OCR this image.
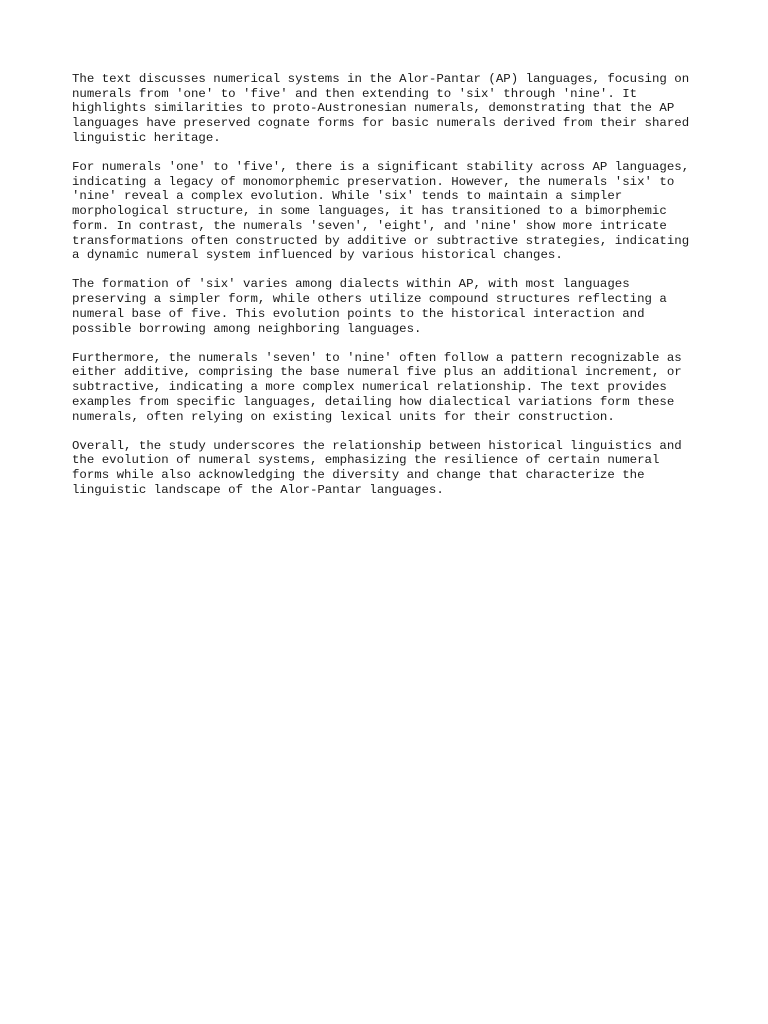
The text discusses numerical systems in the Alor-Pantar (AP) languages, focusing on
numerals from 'one' to 'five' and then extending to 'six' through 'nine'. It
highlights similarities to proto-Austronesian numerals, demonstrating that the AP
languages have preserved cognate forms for basic numerals derived from their shared
linguistic heritage.

For numerals 'one' to 'five', there is a significant stability across AP languages,
indicating a legacy of monomorphemic preservation. However, the numerals 'six' to
'nine' reveal a complex evolution. While 'six' tends to maintain a simpler
morphological structure, in some languages, it has transitioned to a bimorphemic
form. In contrast, the numerals 'seven', 'eight', and 'nine' show more intricate
transformations often constructed by additive or subtractive strategies, indicating
a dynamic numeral system influenced by various historical changes.

The formation of 'six' varies among dialects within AP, with most languages
preserving a simpler form, while others utilize compound structures reflecting a
numeral base of five. This evolution points to the historical interaction and
possible borrowing among neighboring languages.

Furthermore, the numerals 'seven' to 'nine' often follow a pattern recognizable as
either additive, comprising the base numeral five plus an additional increment, or
subtractive, indicating a more complex numerical relationship. The text provides
examples from specific languages, detailing how dialectical variations form these
numerals, often relying on existing lexical units for their construction.

Overall, the study underscores the relationship between historical linguistics and
the evolution of numeral systems, emphasizing the resilience of certain numeral
forms while also acknowledging the diversity and change that characterize the
linguistic landscape of the Alor-Pantar languages.
